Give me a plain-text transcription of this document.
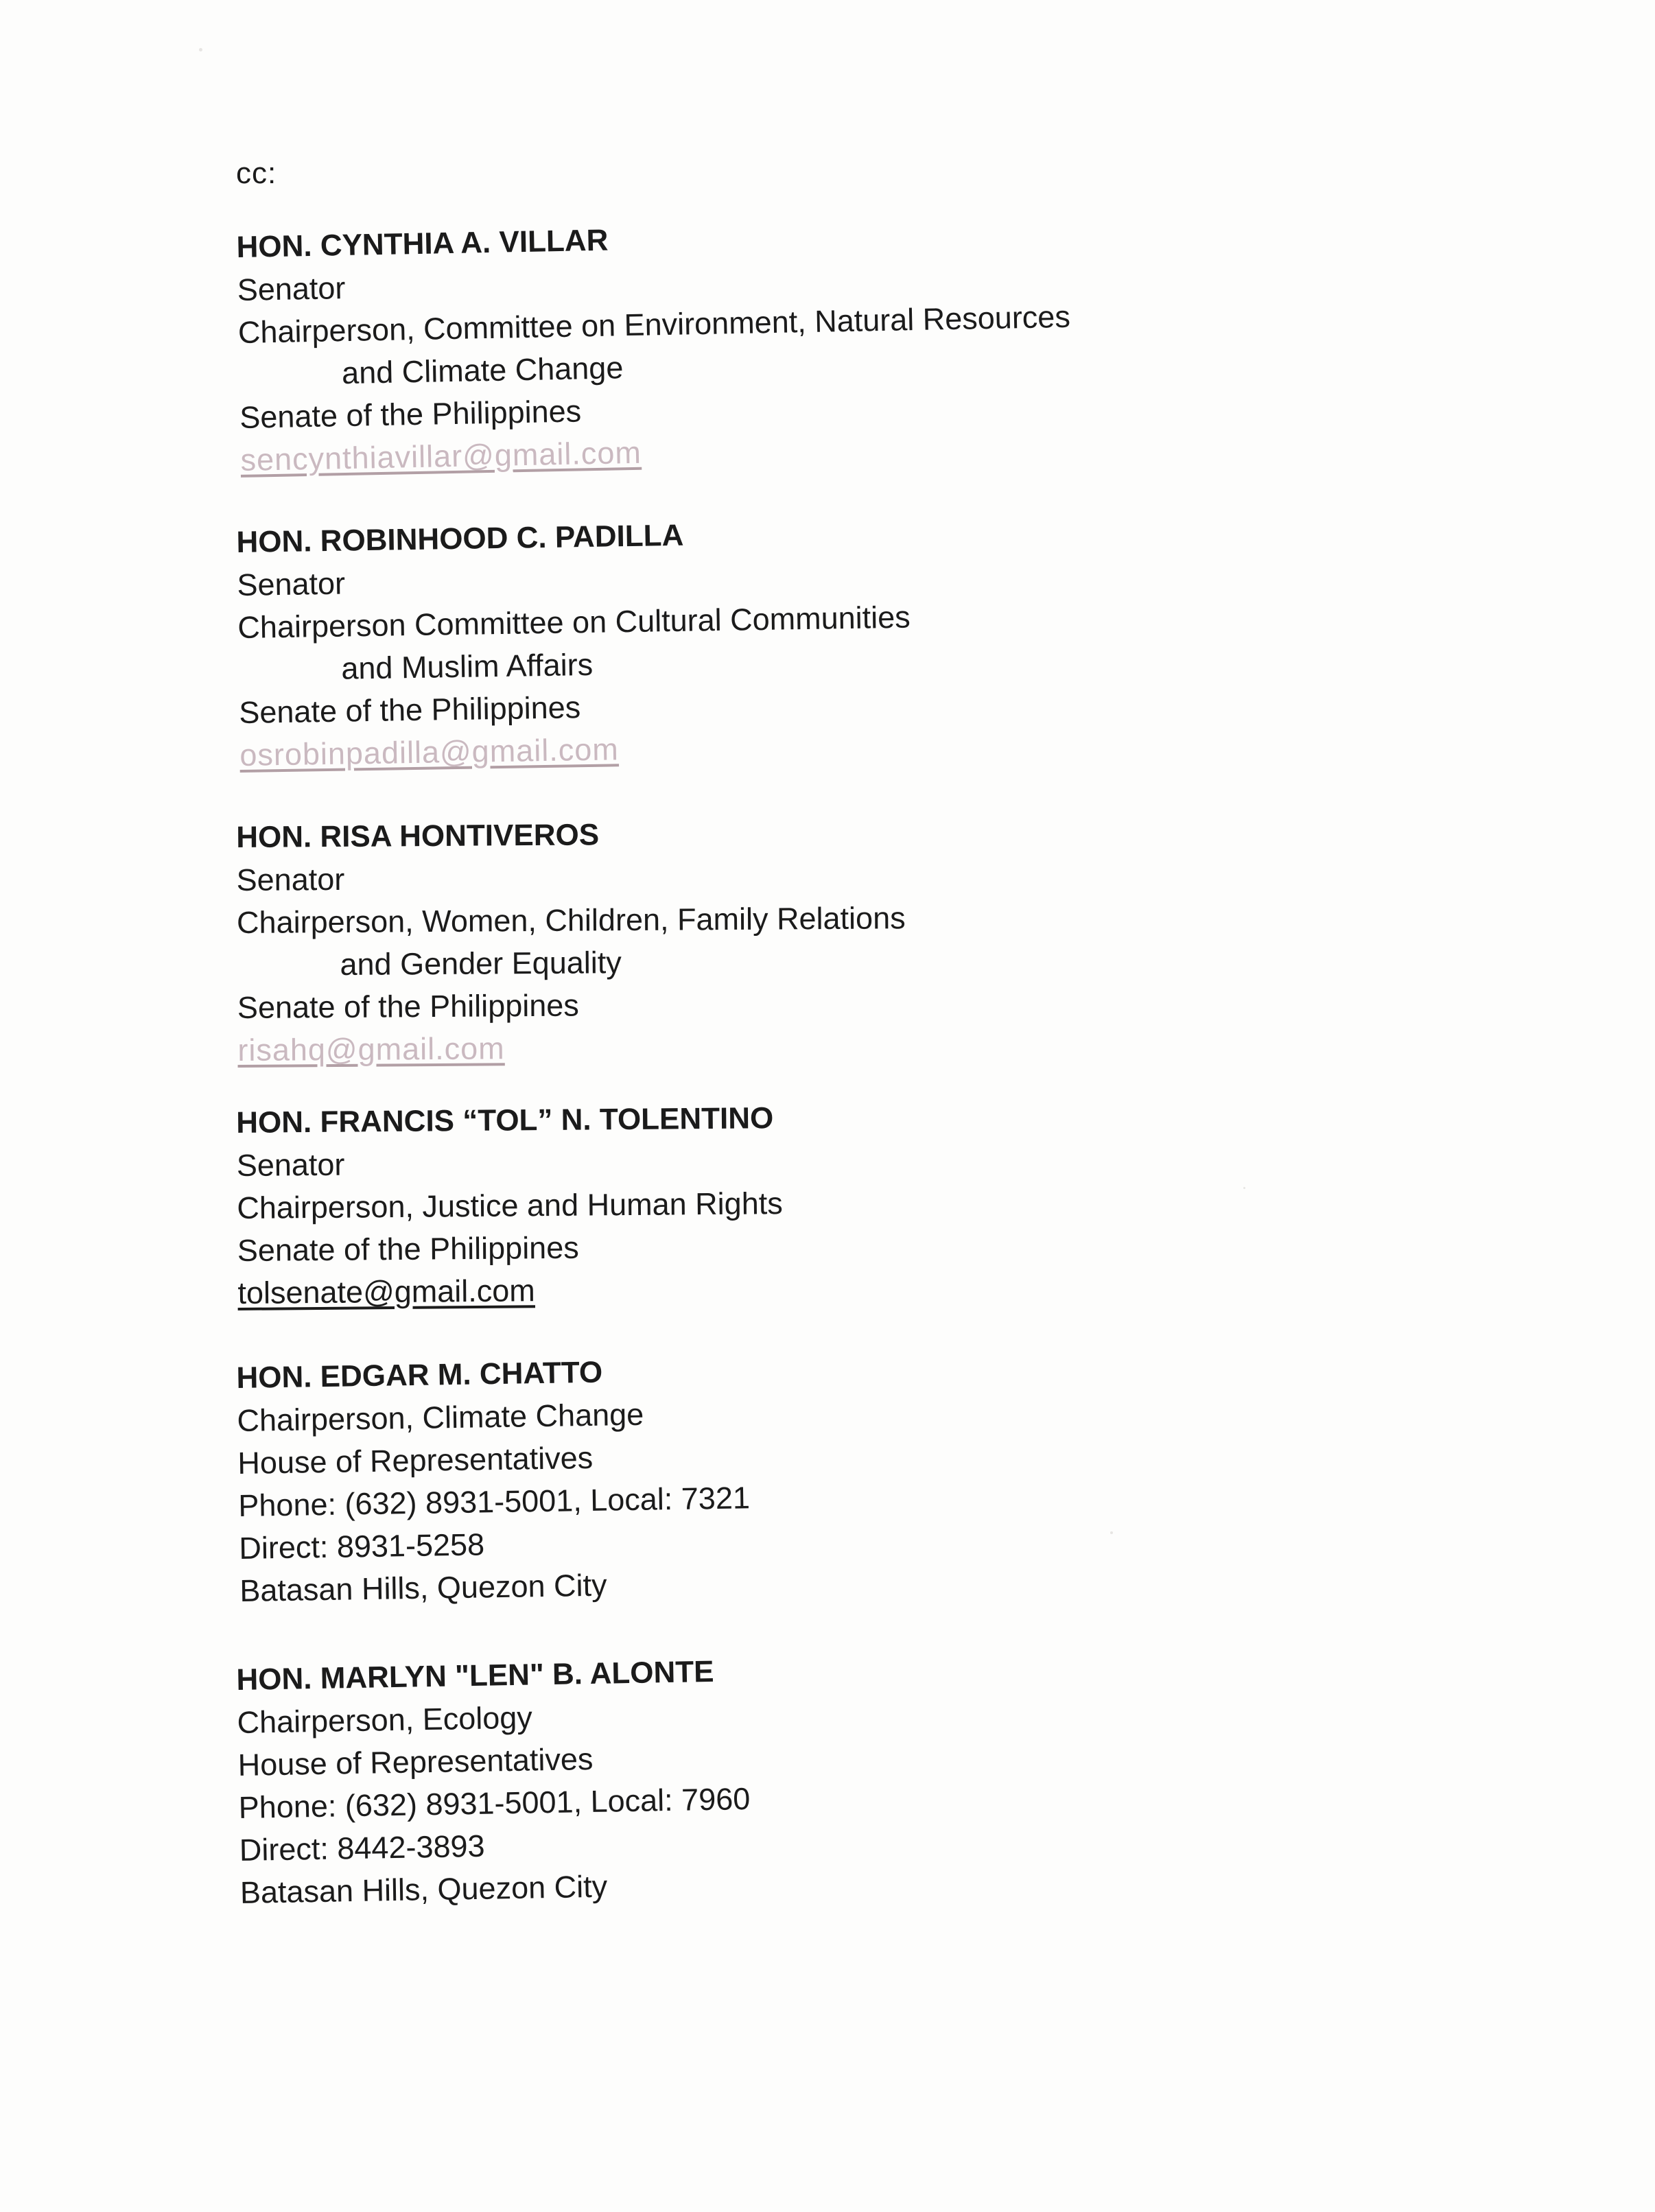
cc:
HON. CYNTHIA A. VILLAR
Senator
Chairperson, Committee on Environment, Natural Resources
and Climate Change
Senate of the Philippines
sencynthiavillar@gmail.com
HON. ROBINHOOD C. PADILLA
Senator
Chairperson Committee on Cultural Communities
and Muslim Affairs
Senate of the Philippines
osrobinpadilla@gmail.com
HON. RISA HONTIVEROS
Senator
Chairperson, Women, Children, Family Relations
and Gender Equality
Senate of the Philippines
risahq@gmail.com
HON. FRANCIS “TOL” N. TOLENTINO
Senator
Chairperson, Justice and Human Rights
Senate of the Philippines
tolsenate@gmail.com
HON. EDGAR M. CHATTO
Chairperson, Climate Change
House of Representatives
Phone: (632) 8931-5001, Local: 7321
Direct: 8931-5258
Batasan Hills, Quezon City
HON. MARLYN "LEN" B. ALONTE
Chairperson, Ecology
House of Representatives
Phone: (632) 8931-5001, Local: 7960
Direct: 8442-3893
Batasan Hills, Quezon City
